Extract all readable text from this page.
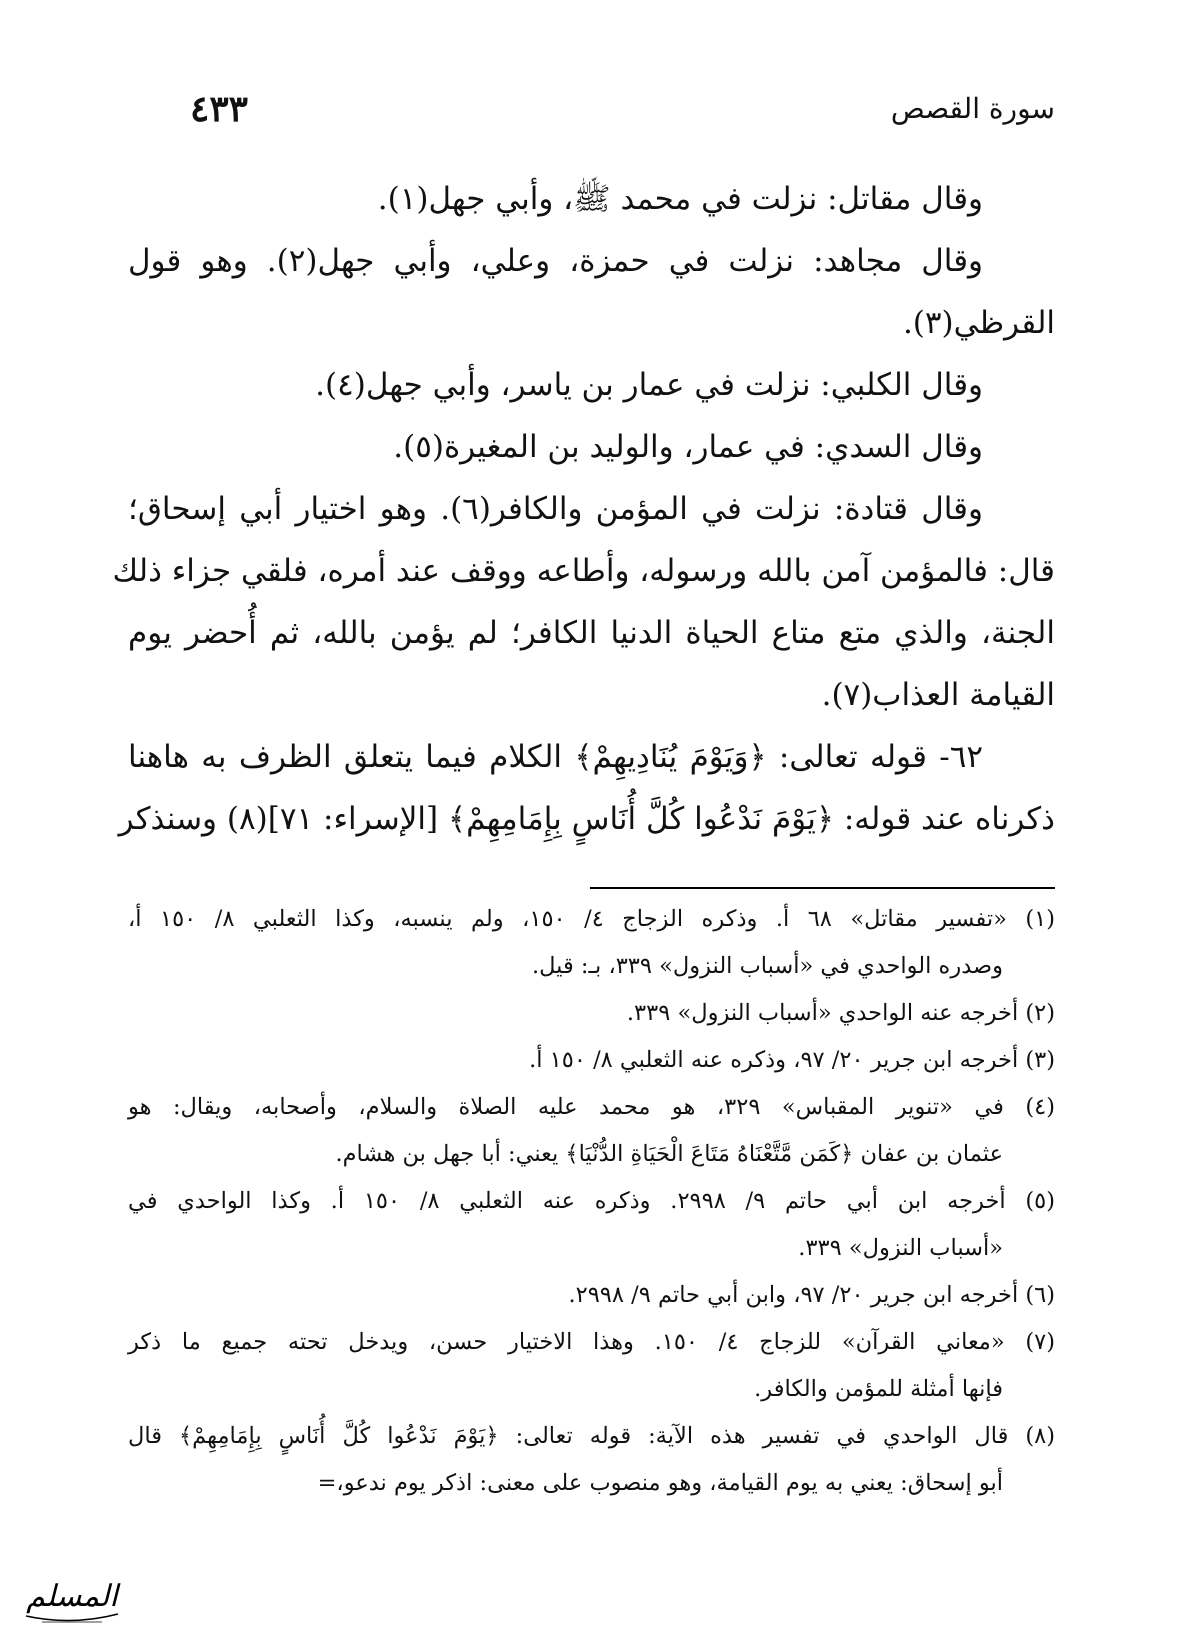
سورة القصص
٤٣٣
وقال مقاتل: نزلت في محمد ﷺ، وأبي جهل(١).
وقال مجاهد: نزلت في حمزة، وعلي، وأبي جهل(٢). وهو قول
القرظي(٣).
وقال الكلبي: نزلت في عمار بن ياسر، وأبي جهل(٤).
وقال السدي: في عمار، والوليد بن المغيرة(٥).
وقال قتادة: نزلت في المؤمن والكافر(٦). وهو اختيار أبي إسحاق؛
قال: فالمؤمن آمن بالله ورسوله، وأطاعه ووقف عند أمره، فلقي جزاء ذلك
الجنة، والذي متع متاع الحياة الدنيا الكافر؛ لم يؤمن بالله، ثم أُحضر يوم
القيامة العذاب(٧).
٦٢- قوله تعالى: ﴿وَيَوْمَ يُنَادِيهِمْ﴾ الكلام فيما يتعلق الظرف به هاهنا
ذكرناه عند قوله: ﴿يَوْمَ نَدْعُوا كُلَّ أُنَاسٍ بِإِمَامِهِمْ﴾ [الإسراء: ٧١](٨) وسنذكر
(١) «تفسير مقاتل» ٦٨ أ. وذكره الزجاج ٤/ ١٥٠، ولم ينسبه، وكذا الثعلبي ٨/ ١٥٠ أ،
وصدره الواحدي في «أسباب النزول» ٣٣٩، بـ: قيل.
(٢) أخرجه عنه الواحدي «أسباب النزول» ٣٣٩.
(٣) أخرجه ابن جرير ٢٠/ ٩٧، وذكره عنه الثعلبي ٨/ ١٥٠ أ.
(٤) في «تنوير المقباس» ٣٢٩، هو محمد عليه الصلاة والسلام، وأصحابه، ويقال: هو
عثمان بن عفان ﴿كَمَن مَّتَّعْنَاهُ مَتَاعَ الْحَيَاةِ الدُّنْيَا﴾ يعني: أبا جهل بن هشام.
(٥) أخرجه ابن أبي حاتم ٩/ ٢٩٩٨. وذكره عنه الثعلبي ٨/ ١٥٠ أ. وكذا الواحدي في
«أسباب النزول» ٣٣٩.
(٦) أخرجه ابن جرير ٢٠/ ٩٧، وابن أبي حاتم ٩/ ٢٩٩٨.
(٧) «معاني القرآن» للزجاج ٤/ ١٥٠. وهذا الاختيار حسن، ويدخل تحته جميع ما ذكر
فإنها أمثلة للمؤمن والكافر.
(٨) قال الواحدي في تفسير هذه الآية: قوله تعالى: ﴿يَوْمَ نَدْعُوا كُلَّ أُنَاسٍ بِإِمَامِهِمْ﴾ قال
أبو إسحاق: يعني به يوم القيامة، وهو منصوب على معنى: اذكر يوم ندعو،=
المسلم
